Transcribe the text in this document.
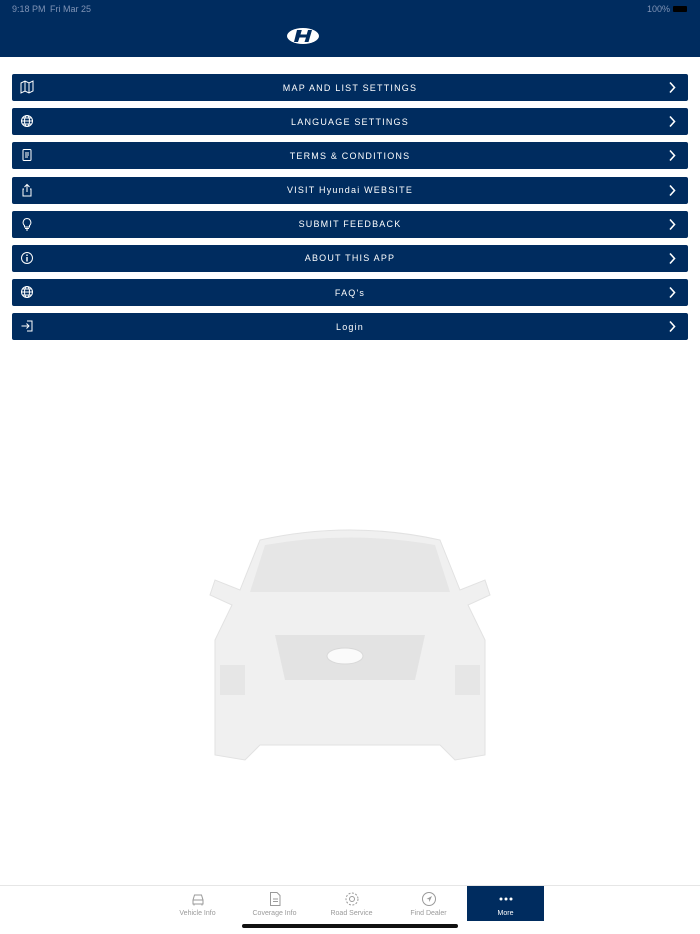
9:18 PM Fri Mar 25	100%
MAP AND LIST SETTINGS
LANGUAGE SETTINGS
TERMS & CONDITIONS
VISIT Hyundai WEBSITE
SUBMIT FEEDBACK
ABOUT THIS APP
FAQ's
Login
Vehicle Info	Coverage Info	Road Service	Find Dealer	More
